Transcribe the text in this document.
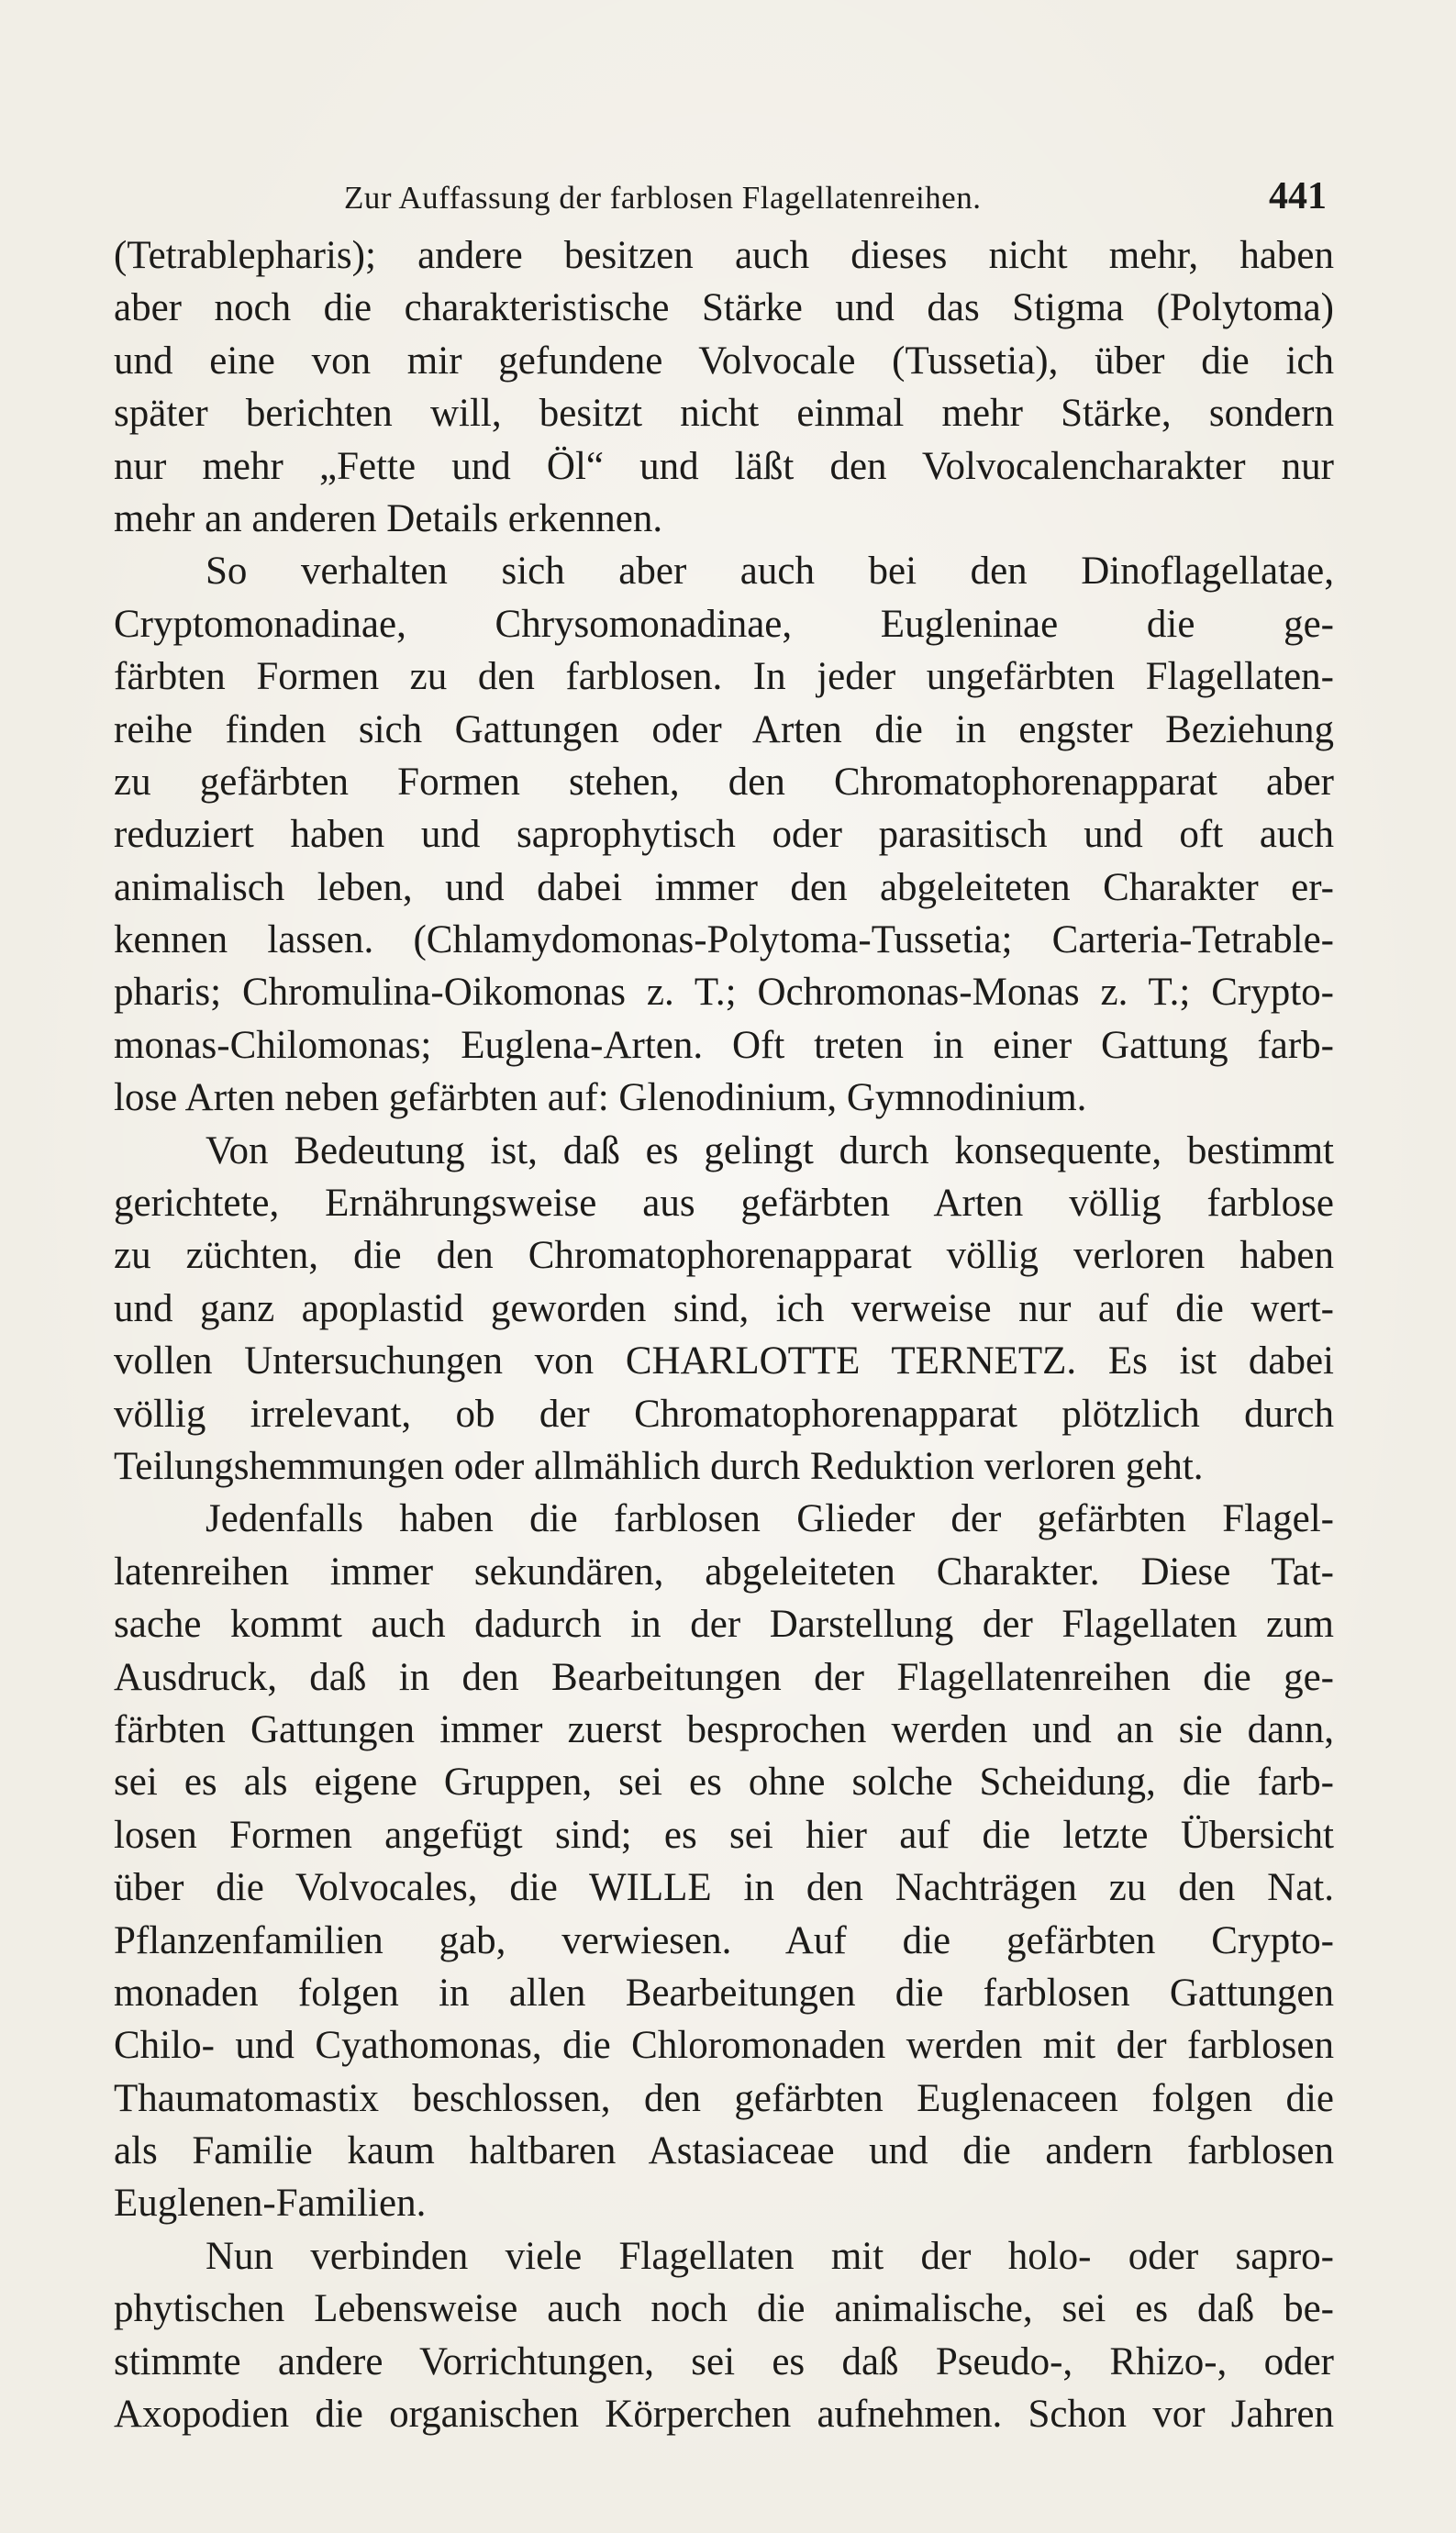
Zur Auffassung der farblosen Flagellatenreihen.	441
(Tetrablepharis); andere besitzen auch dieses nicht mehr, haben
aber noch die charakteristische Stärke und das Stigma (Polytoma)
und eine von mir gefundene Volvocale (Tussetia), über die ich
später berichten will, besitzt nicht einmal mehr Stärke, sondern
nur mehr „Fette und Öl“ und läßt den Volvocalencharakter nur
mehr an anderen Details erkennen.
So verhalten sich aber auch bei den Dinoflagellatae,
Cryptomonadinae, Chrysomonadinae, Eugleninae die ge-
färbten Formen zu den farblosen. In jeder ungefärbten Flagellaten-
reihe finden sich Gattungen oder Arten die in engster Beziehung
zu gefärbten Formen stehen, den Chromatophorenapparat aber
reduziert haben und saprophytisch oder parasitisch und oft auch
animalisch leben, und dabei immer den abgeleiteten Charakter er-
kennen lassen. (Chlamydomonas-Polytoma-Tussetia; Carteria-Tetrable-
pharis; Chromulina-Oikomonas z. T.; Ochromonas-Monas z. T.; Crypto-
monas-Chilomonas; Euglena-Arten. Oft treten in einer Gattung farb-
lose Arten neben gefärbten auf: Glenodinium, Gymnodinium.
Von Bedeutung ist, daß es gelingt durch konsequente, bestimmt
gerichtete, Ernährungsweise aus gefärbten Arten völlig farblose
zu züchten, die den Chromatophorenapparat völlig verloren haben
und ganz apoplastid geworden sind, ich verweise nur auf die wert-
vollen Untersuchungen von CHARLOTTE TERNETZ. Es ist dabei
völlig irrelevant, ob der Chromatophorenapparat plötzlich durch
Teilungshemmungen oder allmählich durch Reduktion verloren geht.
Jedenfalls haben die farblosen Glieder der gefärbten Flagel-
latenreihen immer sekundären, abgeleiteten Charakter. Diese Tat-
sache kommt auch dadurch in der Darstellung der Flagellaten zum
Ausdruck, daß in den Bearbeitungen der Flagellatenreihen die ge-
färbten Gattungen immer zuerst besprochen werden und an sie dann,
sei es als eigene Gruppen, sei es ohne solche Scheidung, die farb-
losen Formen angefügt sind; es sei hier auf die letzte Übersicht
über die Volvocales, die WILLE in den Nachträgen zu den Nat.
Pflanzenfamilien gab, verwiesen. Auf die gefärbten Crypto-
monaden folgen in allen Bearbeitungen die farblosen Gattungen
Chilo- und Cyathomonas, die Chloromonaden werden mit der farblosen
Thaumatomastix beschlossen, den gefärbten Euglenaceen folgen die
als Familie kaum haltbaren Astasiaceae und die andern farblosen
Euglenen-Familien.
Nun verbinden viele Flagellaten mit der holo- oder sapro-
phytischen Lebensweise auch noch die animalische, sei es daß be-
stimmte andere Vorrichtungen, sei es daß Pseudo-, Rhizo-, oder
Axopodien die organischen Körperchen aufnehmen. Schon vor Jahren
